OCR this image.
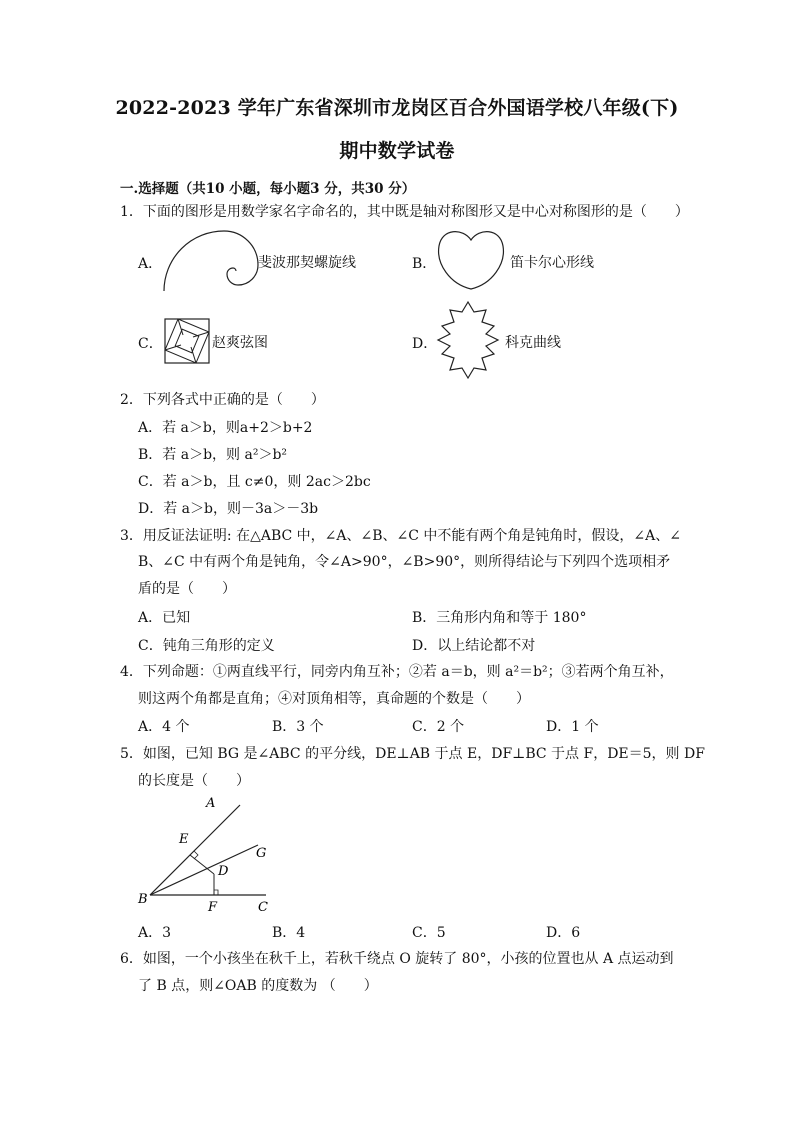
2022-2023 学年广东省深圳市龙岗区百合外国语学校八年级(下)
期中数学试卷
一.选择题（共10 小题，每小题3 分，共30 分）
1．下面的图形是用数学家名字命名的，其中既是轴对称图形又是中心对称图形的是（　　）
A．	斐波那契螺旋线	B．	笛卡尔心形线
C．	赵爽弦图	D．	科克曲线
2．下列各式中正确的是（　　）
A．若 a＞b，则a+2＞b+2
B．若 a＞b，则 a²＞b²
C．若 a＞b，且 c≠0，则 2ac＞2bc
D．若 a＞b，则－3a＞－3b
3．用反证法证明: 在△ABC 中，∠A、∠B、∠C 中不能有两个角是钝角时，假设，∠A、∠
B、∠C 中有两个角是钝角，令∠A>90°，∠B>90°，则所得结论与下列四个选项相矛
盾的是（　　）
A．已知	B．三角形内角和等于 180°
C．钝角三角形的定义	D．以上结论都不对
4．下列命题：①两直线平行，同旁内角互补；②若 a＝b，则 a²＝b²；③若两个角互补，
则这两个角都是直角；④对顶角相等，真命题的个数是（　　）
A．4 个	B．3 个	C．2 个	D．1 个
5．如图，已知 BG 是∠ABC 的平分线，DE⊥AB 于点 E，DF⊥BC 于点 F，DE＝5，则 DF
的长度是（　　）
A
E
G
D
B
F	C
A．3	B．4	C．5	D．6
6．如图，一个小孩坐在秋千上，若秋千绕点 O 旋转了 80°，小孩的位置也从 A 点运动到
了 B 点，则∠OAB 的度数为 （　　）
